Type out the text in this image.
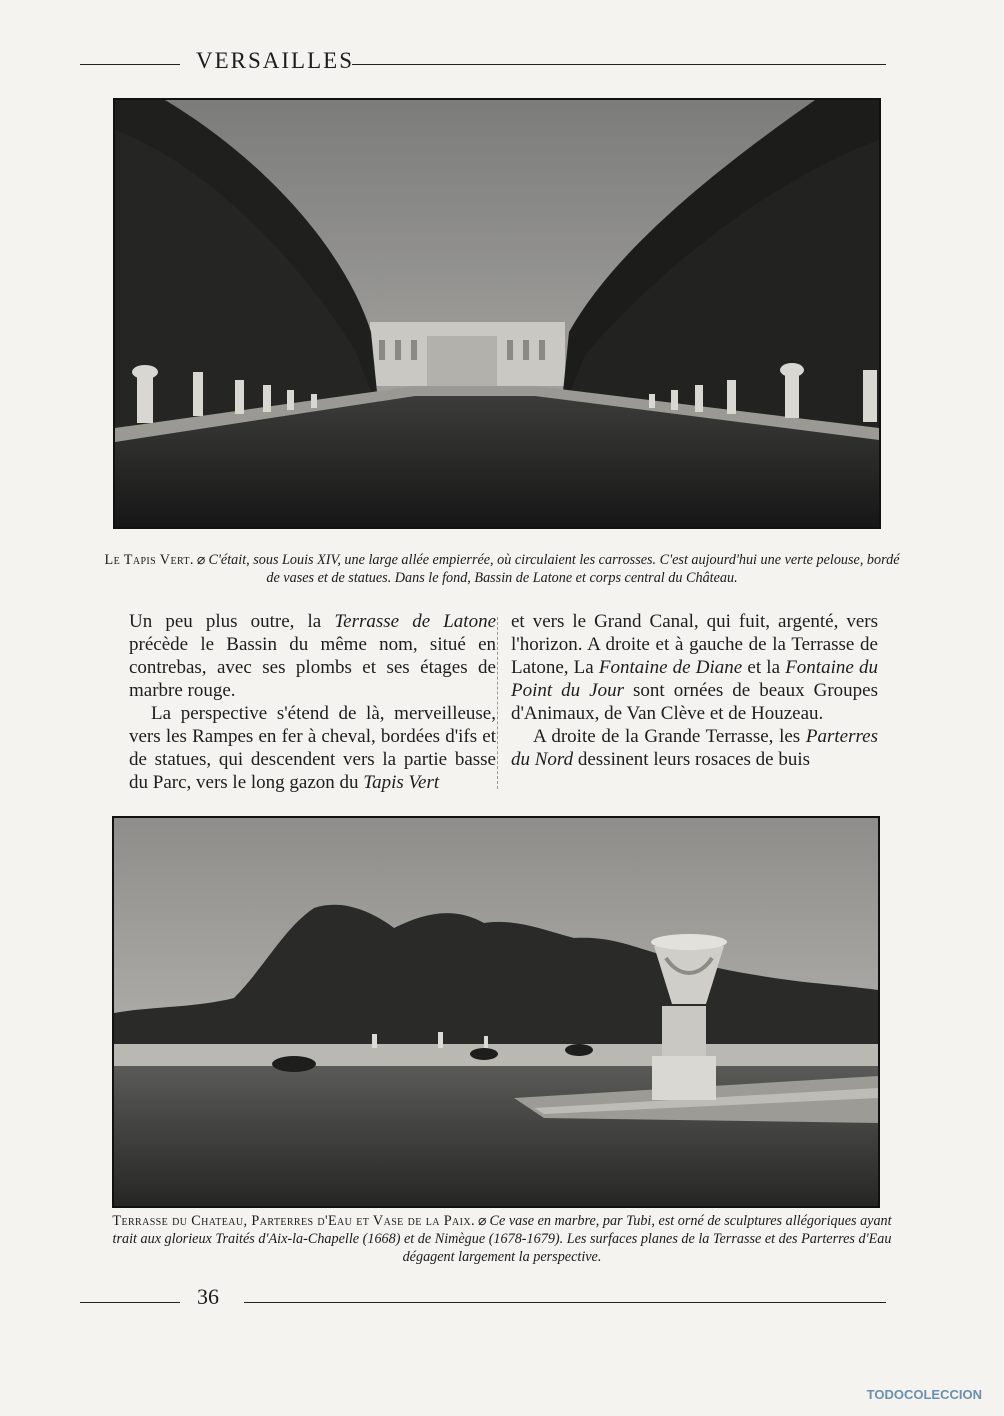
VERSAILLES
Le Tapis Vert. ⌀ C'était, sous Louis XIV, une large allée empierrée, où circulaient les carrosses. C'est aujourd'hui une verte pelouse, bordé de vases et de statues. Dans le fond, Bassin de Latone et corps central du Château.

Un peu plus outre, la Terrasse de Latone précède le Bassin du même nom, situé en contrebas, avec ses plombs et ses étages de marbre rouge.

La perspective s'étend de là, merveilleuse, vers les Rampes en fer à cheval, bordées d'ifs et de statues, qui descendent vers la partie basse du Parc, vers le long gazon du Tapis Vert

et vers le Grand Canal, qui fuit, argenté, vers l'horizon. A droite et à gauche de la Terrasse de Latone, La Fontaine de Diane et la Fontaine du Point du Jour sont ornées de beaux Groupes d'Animaux, de Van Clève et de Houzeau.

A droite de la Grande Terrasse, les Parterres du Nord dessinent leurs rosaces de buis

Terrasse du Chateau, Parterres d'Eau et Vase de la Paix. ⌀ Ce vase en marbre, par Tubi, est orné de sculptures allégoriques ayant trait aux glorieux Traités d'Aix-la-Chapelle (1668) et de Nimègue (1678-1679). Les surfaces planes de la Terrasse et des Parterres d'Eau dégagent largement la perspective.
36
TODOCOLECCION
